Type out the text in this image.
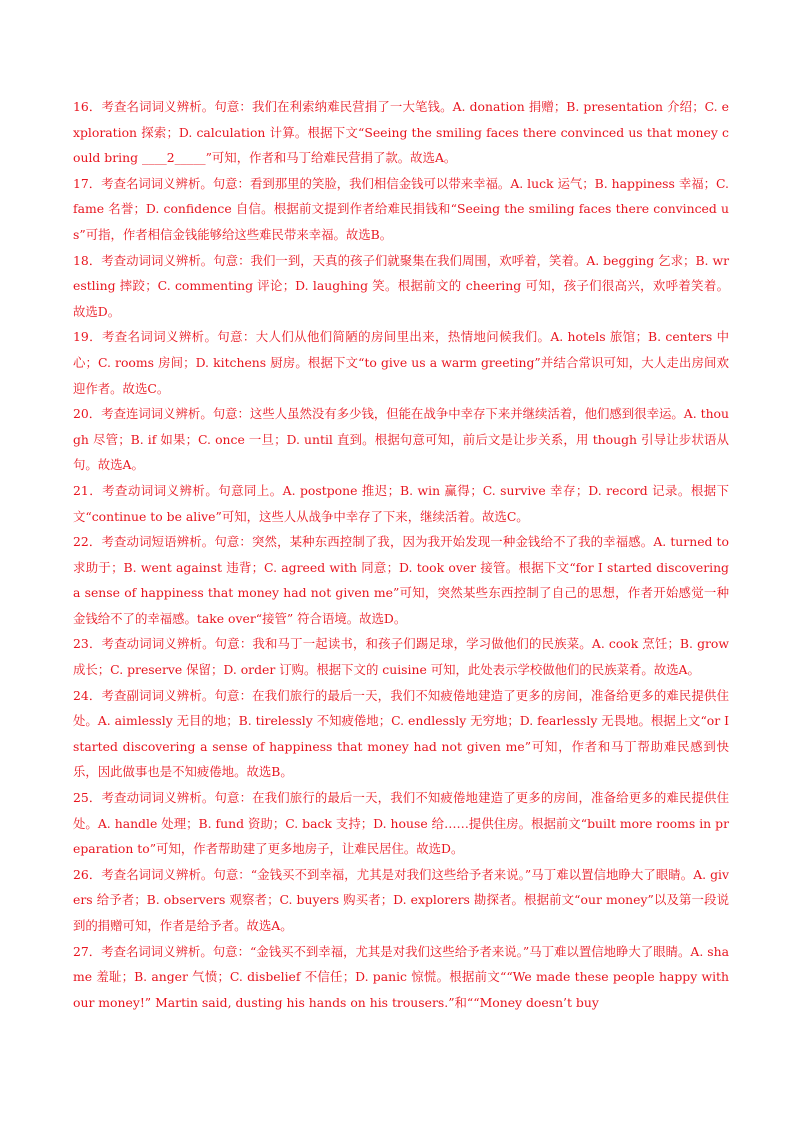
16．考查名词词义辨析。句意：我们在利索纳难民营捐了一大笔钱。A. donation 捐赠；B. presentation 介绍；C. exploration 探索；D. calculation 计算。根据下文“Seeing the smiling faces there convinced us that money could bring ____2_____”可知，作者和马丁给难民营捐了款。故选A。

17．考查名词词义辨析。句意：看到那里的笑脸，我们相信金钱可以带来幸福。A. luck 运气；B. happiness 幸福；C. fame 名誉；D. confidence 自信。根据前文提到作者给难民捐钱和“Seeing the smiling faces there convinced us”可指，作者相信金钱能够给这些难民带来幸福。故选B。

18．考查动词词义辨析。句意：我们一到，天真的孩子们就聚集在我们周围，欢呼着，笑着。A. begging 乞求；B. wrestling 摔跤；C. commenting 评论；D. laughing 笑。根据前文的 cheering 可知，孩子们很高兴，欢呼着笑着。故选D。

19．考查名词词义辨析。句意：大人们从他们简陋的房间里出来，热情地问候我们。A. hotels 旅馆；B. centers 中心；C. rooms 房间；D. kitchens 厨房。根据下文“to give us a warm greeting”并结合常识可知，大人走出房间欢迎作者。故选C。

20．考查连词词义辨析。句意：这些人虽然没有多少钱，但能在战争中幸存下来并继续活着，他们感到很幸运。A. though 尽管；B. if 如果；C. once 一旦；D. until 直到。根据句意可知，前后文是让步关系，用 though 引导让步状语从句。故选A。

21．考查动词词义辨析。句意同上。A. postpone 推迟；B. win 赢得；C. survive 幸存；D. record 记录。根据下文“continue to be alive”可知，这些人从战争中幸存了下来，继续活着。故选C。

22．考查动词短语辨析。句意：突然，某种东西控制了我，因为我开始发现一种金钱给不了我的幸福感。A. turned to 求助于；B. went against 违背；C. agreed with 同意；D. took over 接管。根据下文“for I started discovering a sense of happiness that money had not given me”可知，突然某些东西控制了自己的思想，作者开始感觉一种金钱给不了的幸福感。take over“接管” 符合语境。故选D。

23．考查动词词义辨析。句意：我和马丁一起读书，和孩子们踢足球，学习做他们的民族菜。A. cook 烹饪；B. grow 成长；C. preserve 保留；D. order 订购。根据下文的 cuisine 可知，此处表示学校做他们的民族菜肴。故选A。

24．考查副词词义辨析。句意：在我们旅行的最后一天，我们不知疲倦地建造了更多的房间，准备给更多的难民提供住处。A. aimlessly 无目的地；B. tirelessly 不知疲倦地；C. endlessly 无穷地；D. fearlessly 无畏地。根据上文“or I started discovering a sense of happiness that money had not given me”可知，作者和马丁帮助难民感到快乐，因此做事也是不知疲倦地。故选B。

25．考查动词词义辨析。句意：在我们旅行的最后一天，我们不知疲倦地建造了更多的房间，准备给更多的难民提供住处。A. handle 处理；B. fund 资助；C. back 支持；D. house 给……提供住房。根据前文“built more rooms in preparation to”可知，作者帮助建了更多地房子，让难民居住。故选D。

26．考查名词词义辨析。句意：“金钱买不到幸福，尤其是对我们这些给予者来说。”马丁难以置信地睁大了眼睛。A. givers 给予者；B. observers 观察者；C. buyers 购买者；D. explorers 勘探者。根据前文“our money”以及第一段说到的捐赠可知，作者是给予者。故选A。

27．考查名词词义辨析。句意：“金钱买不到幸福，尤其是对我们这些给予者来说。”马丁难以置信地睁大了眼睛。A. shame 羞耻；B. anger 气愤；C. disbelief 不信任；D. panic 惊慌。根据前文““We made these people happy with our money!” Martin said, dusting his hands on his trousers.”和““Money doesn’t buy
